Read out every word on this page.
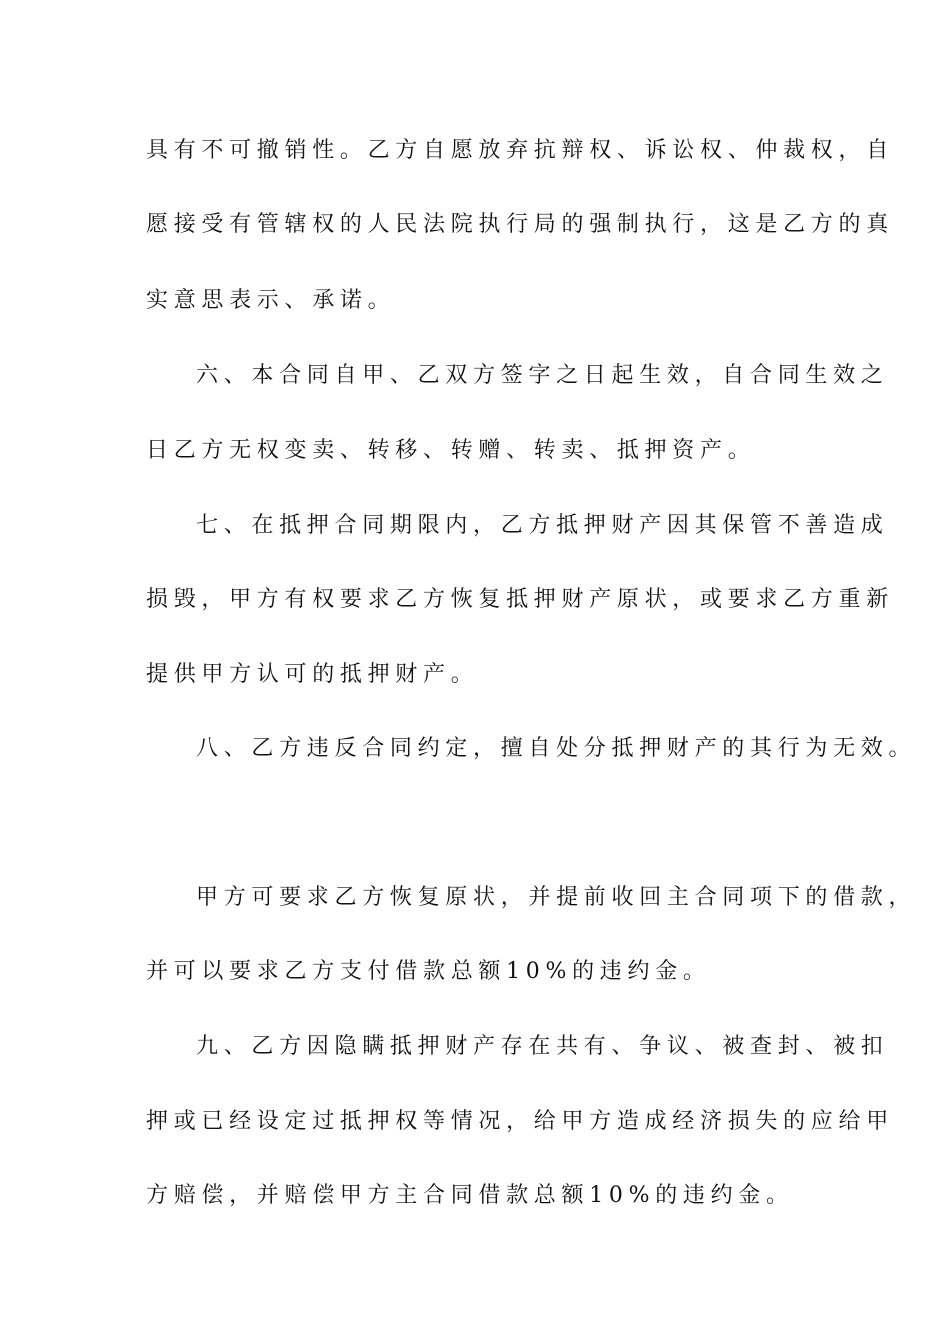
具有不可撤销性。乙方自愿放弃抗辩权、诉讼权、仲裁权，自
愿接受有管辖权的人民法院执行局的强制执行，这是乙方的真
实意思表示、承诺。
六、本合同自甲、乙双方签字之日起生效，自合同生效之
日乙方无权变卖、转移、转赠、转卖、抵押资产。
七、在抵押合同期限内，乙方抵押财产因其保管不善造成
损毁，甲方有权要求乙方恢复抵押财产原状，或要求乙方重新
提供甲方认可的抵押财产。
八、乙方违反合同约定，擅自处分抵押财产的其行为无效。
甲方可要求乙方恢复原状，并提前收回主合同项下的借款，
并可以要求乙方支付借款总额10%的违约金。
九、乙方因隐瞒抵押财产存在共有、争议、被查封、被扣
押或已经设定过抵押权等情况，给甲方造成经济损失的应给甲
方赔偿，并赔偿甲方主合同借款总额10%的违约金。
